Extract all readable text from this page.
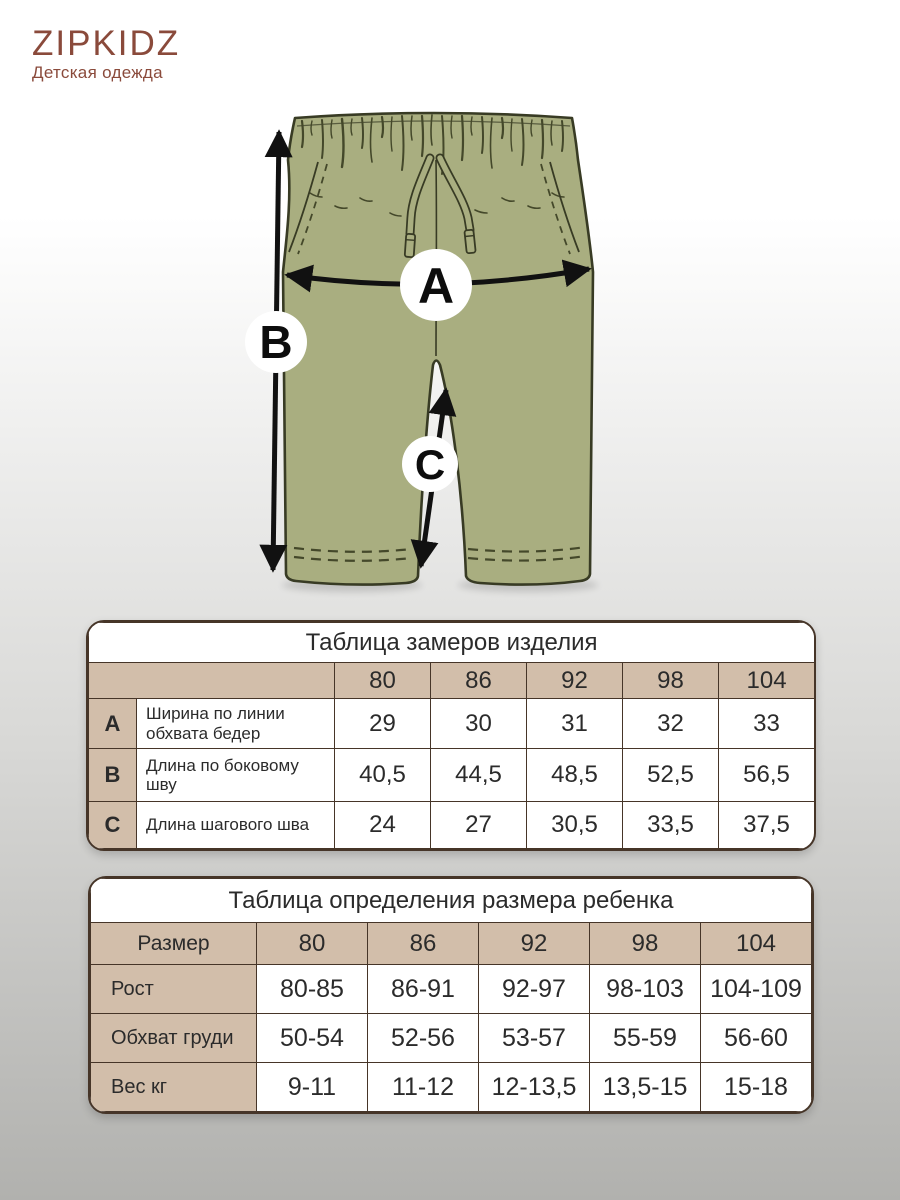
ZIPKIDZ
Детская одежда
A
B
C
Таблица замеров изделия						
		80	86	92	98	104
A	Ширина по линии обхвата бедер	29	30	31	32	33
B	Длина по боковому шву	40,5	44,5	48,5	52,5	56,5
C	Длина шагового шва	24	27	30,5	33,5	37,5
Таблица определения размера ребенка					
Размер	80	86	92	98	104
Рост	80-85	86-91	92-97	98-103	104-109
Обхват груди	50-54	52-56	53-57	55-59	56-60
Вес кг	9-11	11-12	12-13,5	13,5-15	15-18
